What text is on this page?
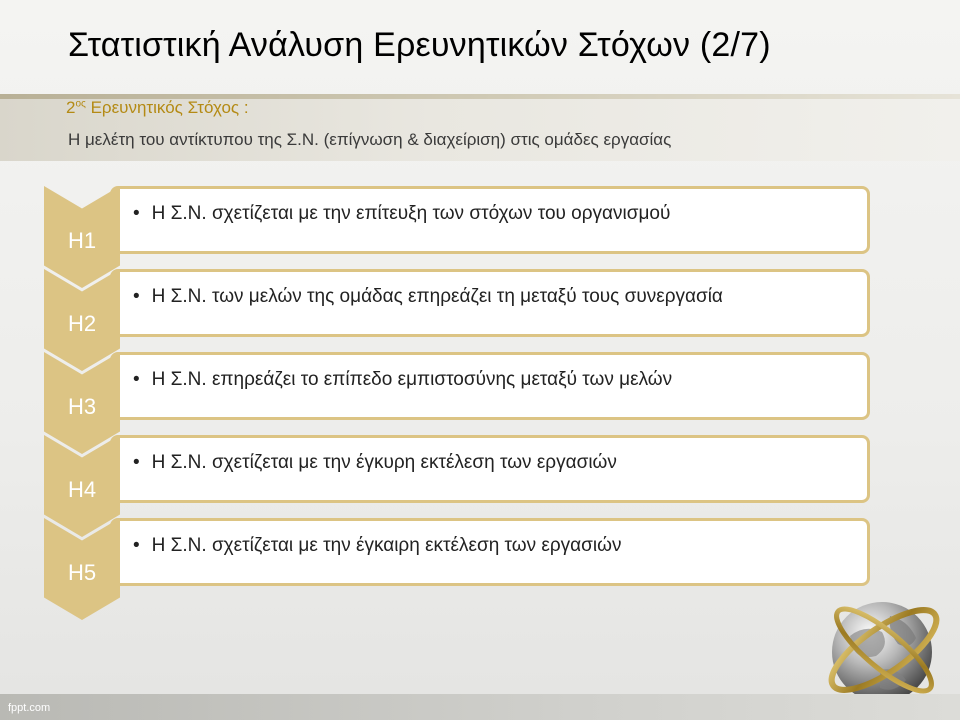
Στατιστική Ανάλυση Ερευνητικών Στόχων (2/7)
$2^{o\varsigma}$ Ερευνητικός Στόχος :
Η μελέτη του αντίκτυπου της Σ.Ν. (επίγνωση & διαχείριση) στις ομάδες εργασίας
H1
• Η Σ.Ν. σχετίζεται με την επίτευξη των στόχων του οργανισμού
H2
• Η Σ.Ν. των μελών της ομάδας επηρεάζει τη μεταξύ τους συνεργασία
H3
• Η Σ.Ν. επηρεάζει το επίπεδο εμπιστοσύνης μεταξύ των μελών
H4
• Η Σ.Ν. σχετίζεται με την έγκυρη εκτέλεση των εργασιών
H5
• Η Σ.Ν. σχετίζεται με την έγκαιρη εκτέλεση των εργασιών
fppt.com
